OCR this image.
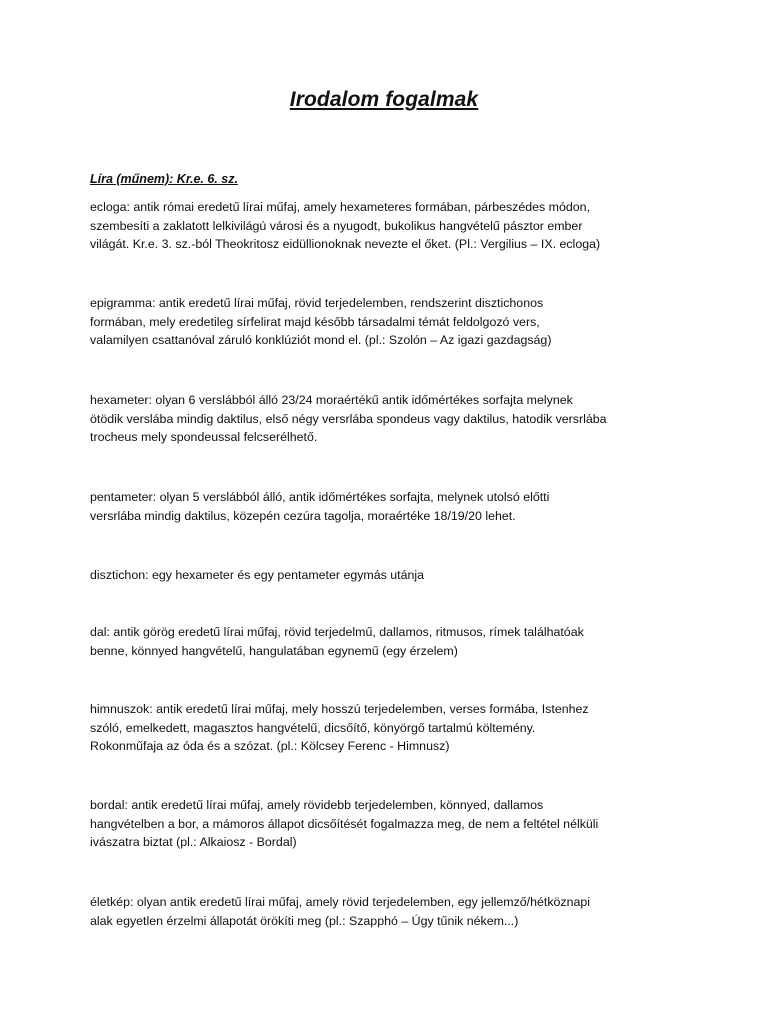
Irodalom fogalmak

Líra (műnem): Kr.e. 6. sz.

ecloga: antik római eredetű lírai műfaj, amely hexameteres formában, párbeszédes módon,
szembesíti a zaklatott lelkivilágú városi és a nyugodt, bukolikus hangvételű pásztor ember
világát. Kr.e. 3. sz.-ból Theokritosz eidüllionoknak nevezte el őket. (Pl.: Vergilius – IX. ecloga)

epigramma: antik eredetű lírai műfaj, rövid terjedelemben, rendszerint disztichonos
formában, mely eredetileg sírfelirat majd később társadalmi témát feldolgozó vers,
valamilyen csattanóval záruló konklúziót mond el. (pl.: Szolón – Az igazi gazdagság)

hexameter: olyan 6 verslábból álló 23/24 moraértékű antik időmértékes sorfajta melynek
ötödik verslába mindig daktilus, első négy versrlába spondeus vagy daktilus, hatodik versrlába
trocheus mely spondeussal felcserélhető.

pentameter: olyan 5 verslábból álló, antik időmértékes sorfajta, melynek utolsó előtti
versrlába mindig daktilus, közepén cezúra tagolja, moraértéke 18/19/20 lehet.

disztichon: egy hexameter és egy pentameter egymás utánja

dal: antik görög eredetű lírai műfaj, rövid terjedelmű, dallamos, ritmusos, rímek találhatóak
benne, könnyed hangvételű, hangulatában egynemű (egy érzelem)

himnuszok: antik eredetű lírai műfaj, mely hosszú terjedelemben, verses formába, Istenhez
szóló, emelkedett, magasztos hangvételű, dicsőítő, könyörgő tartalmú költemény.
Rokonműfaja az óda és a szózat. (pl.: Kölcsey Ferenc - Himnusz)

bordal: antik eredetű lírai műfaj, amely rövidebb terjedelemben, könnyed, dallamos
hangvételben a bor, a mámoros állapot dicsőítését fogalmazza meg, de nem a feltétel nélküli
ivászatra biztat (pl.: Alkaiosz - Bordal)

életkép: olyan antik eredetű lírai műfaj, amely rövid terjedelemben, egy jellemző/hétköznapi
alak egyetlen érzelmi állapotát örökíti meg (pl.: Szapphó – Úgy tűnik nékem...)
